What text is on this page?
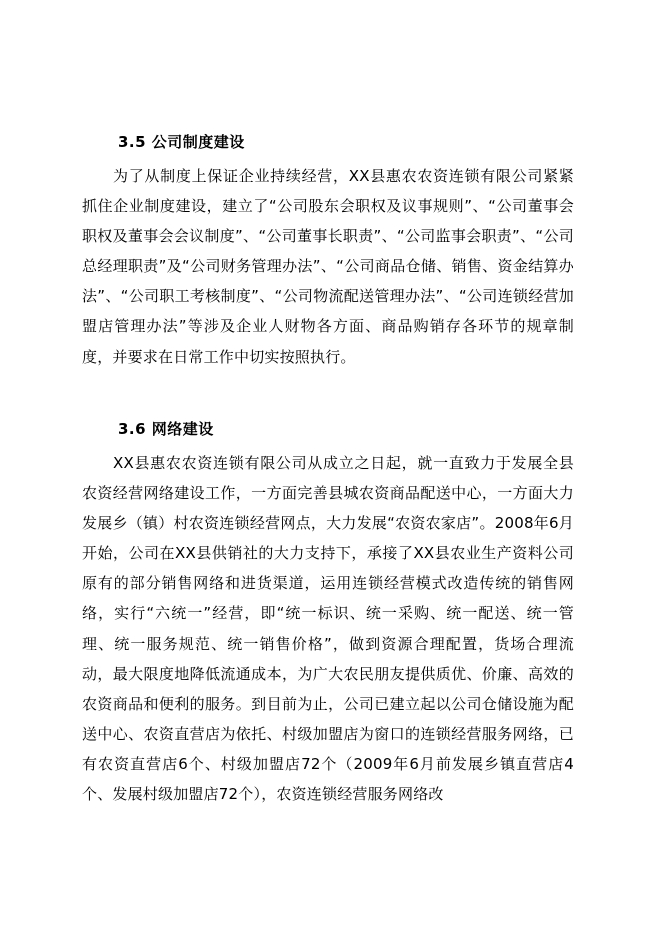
3.5 公司制度建设

为了从制度上保证企业持续经营，XX县惠农农资连锁有限公司紧紧抓住企业制度建设，建立了“公司股东会职权及议事规则”、“公司董事会职权及董事会会议制度”、“公司董事长职责”、“公司监事会职责”、“公司总经理职责”及“公司财务管理办法”、“公司商品仓储、销售、资金结算办法”、“公司职工考核制度”、“公司物流配送管理办法”、“公司连锁经营加盟店管理办法”等涉及企业人财物各方面、商品购销存各环节的规章制度，并要求在日常工作中切实按照执行。

3.6 网络建设

XX县惠农农资连锁有限公司从成立之日起，就一直致力于发展全县农资经营网络建设工作，一方面完善县城农资商品配送中心，一方面大力发展乡（镇）村农资连锁经营网点，大力发展“农资农家店”。2008年6月开始，公司在XX县供销社的大力支持下，承接了XX县农业生产资料公司原有的部分销售网络和进货渠道，运用连锁经营模式改造传统的销售网络，实行“六统一”经营，即“统一标识、统一采购、统一配送、统一管理、统一服务规范、统一销售价格”，做到资源合理配置，货场合理流动，最大限度地降低流通成本，为广大农民朋友提供质优、价廉、高效的农资商品和便利的服务。到目前为止，公司已建立起以公司仓储设施为配送中心、农资直营店为依托、村级加盟店为窗口的连锁经营服务网络，已有农资直营店6个、村级加盟店72个（2009年6月前发展乡镇直营店4个、发展村级加盟店72个），农资连锁经营服务网络改
